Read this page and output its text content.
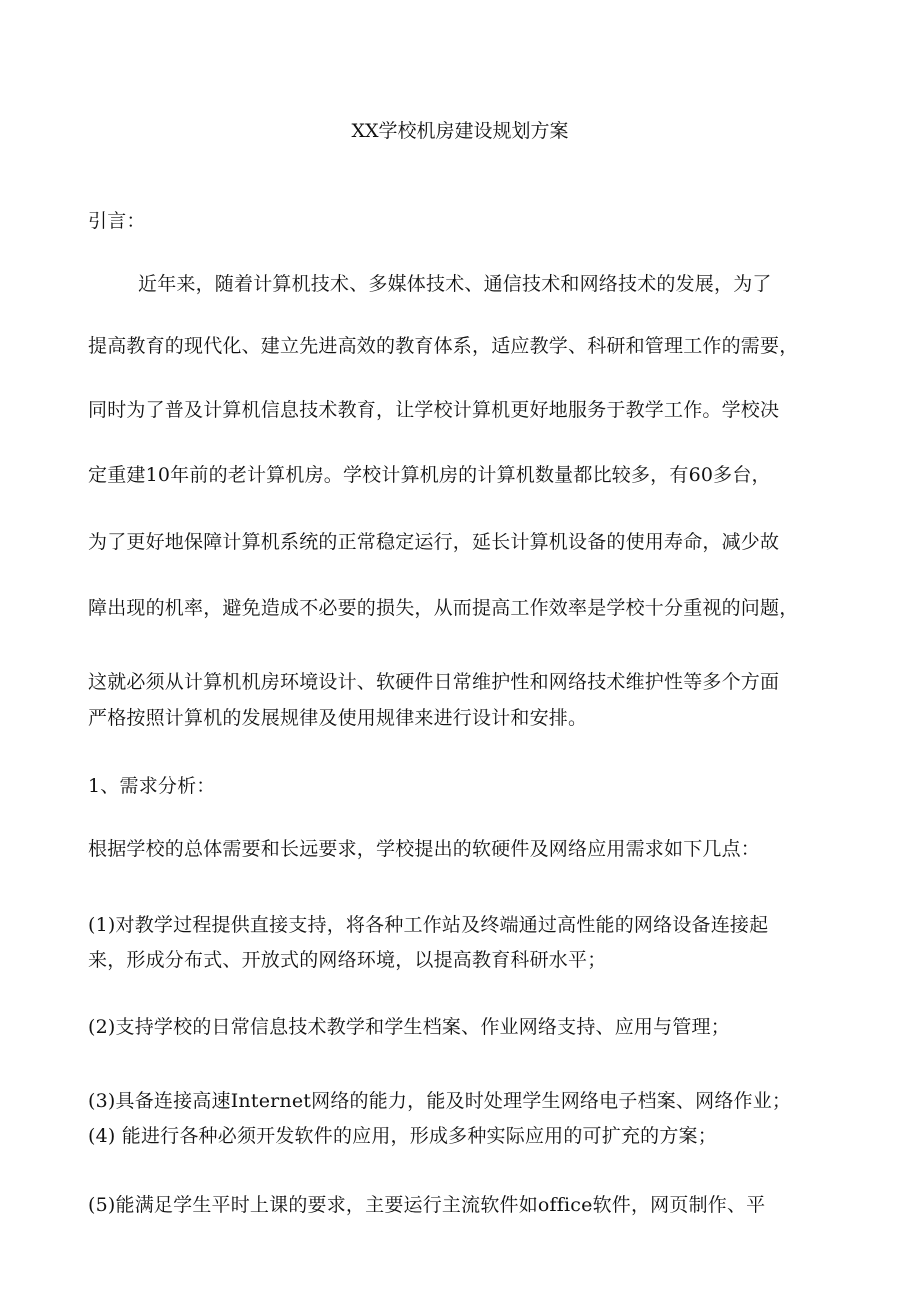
XX学校机房建设规划方案
引言：
近年来，随着计算机技术、多媒体技术、通信技术和网络技术的发展，为了
提高教育的现代化、建立先进高效的教育体系，适应教学、科研和管理工作的需要，
同时为了普及计算机信息技术教育，让学校计算机更好地服务于教学工作。学校决
定重建10年前的老计算机房。学校计算机房的计算机数量都比较多，有60多台，
为了更好地保障计算机系统的正常稳定运行，延长计算机设备的使用寿命，减少故
障出现的机率，避免造成不必要的损失，从而提高工作效率是学校十分重视的问题，
这就必须从计算机机房环境设计、软硬件日常维护性和网络技术维护性等多个方面
严格按照计算机的发展规律及使用规律来进行设计和安排。
1、需求分析：
根据学校的总体需要和长远要求，学校提出的软硬件及网络应用需求如下几点：
(1)对教学过程提供直接支持，将各种工作站及终端通过高性能的网络设备连接起
来，形成分布式、开放式的网络环境，以提高教育科研水平；
(2)支持学校的日常信息技术教学和学生档案、作业网络支持、应用与管理；
(3)具备连接高速Internet网络的能力，能及时处理学生网络电子档案、网络作业；
(4) 能进行各种必须开发软件的应用，形成多种实际应用的可扩充的方案；
(5)能满足学生平时上课的要求，主要运行主流软件如office软件，网页制作、平
